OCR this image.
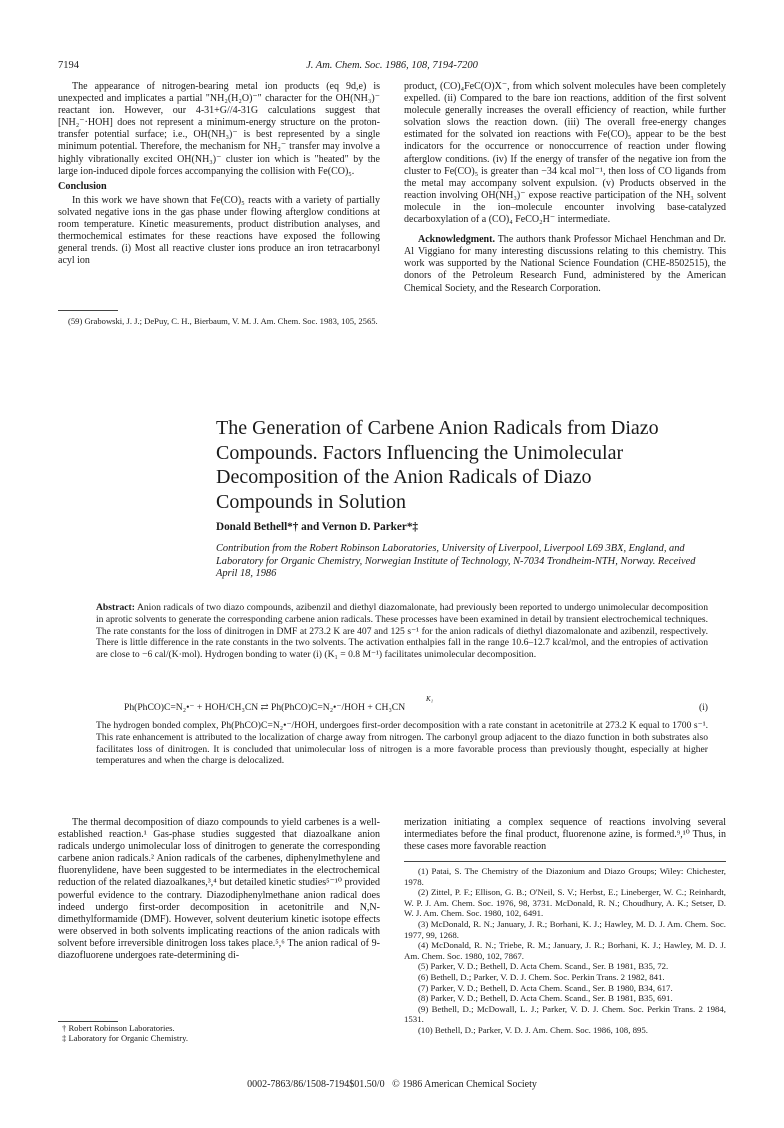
7194	J. Am. Chem. Soc. 1986, 108, 7194-7200

The appearance of nitrogen-bearing metal ion products (eq 9d,e) is unexpected and implicates a partial "NH₂(H₂O)⁻" character for the OH(NH₃)⁻ reactant ion. However, our 4-31+G//4-31G calculations suggest that [NH₂⁻·HOH] does not represent a minimum-energy structure on the proton-transfer potential surface; i.e., OH(NH₃)⁻ is best represented by a single minimum potential. Therefore, the mechanism for NH₂⁻ transfer may involve a highly vibrationally excited OH(NH₃)⁻ cluster ion which is "heated" by the large ion-induced dipole forces accompanying the collision with Fe(CO)₅.

Conclusion

In this work we have shown that Fe(CO)₅ reacts with a variety of partially solvated negative ions in the gas phase under flowing afterglow conditions at room temperature. Kinetic measurements, product distribution analyses, and thermochemical estimates for these reactions have exposed the following general trends. (i) Most all reactive cluster ions produce an iron tetracarbonyl acyl ion

(59) Grabowski, J. J.; DePuy, C. H., Bierbaum, V. M. J. Am. Chem. Soc. 1983, 105, 2565.

product, (CO)₄FeC(O)X⁻, from which solvent molecules have been completely expelled. (ii) Compared to the bare ion reactions, addition of the first solvent molecule generally increases the overall efficiency of reaction, while further solvation slows the reaction down. (iii) The overall free-energy changes estimated for the solvated ion reactions with Fe(CO)₅ appear to be the best indicators for the occurrence or nonoccurrence of reaction under flowing afterglow conditions. (iv) If the energy of transfer of the negative ion from the cluster to Fe(CO)₅ is greater than −34 kcal mol⁻¹, then loss of CO ligands from the metal may accompany solvent expulsion. (v) Products observed in the reaction involving OH(NH₃)⁻ expose reactive participation of the NH₃ solvent molecule in the ion–molecule encounter involving base-catalyzed decarboxylation of a (CO)₄ FeCO₂H⁻ intermediate.

Acknowledgment. The authors thank Professor Michael Henchman and Dr. Al Viggiano for many interesting discussions relating to this chemistry. This work was supported by the National Science Foundation (CHE-8502515), the donors of the Petroleum Research Fund, administered by the American Chemical Society, and the Research Corporation.

The Generation of Carbene Anion Radicals from Diazo Compounds. Factors Influencing the Unimolecular Decomposition of the Anion Radicals of Diazo Compounds in Solution
Donald Bethell*† and Vernon D. Parker*‡
Contribution from the Robert Robinson Laboratories, University of Liverpool, Liverpool L69 3BX, England, and Laboratory for Organic Chemistry, Norwegian Institute of Technology, N-7034 Trondheim-NTH, Norway. Received April 18, 1986
Abstract: Anion radicals of two diazo compounds, azibenzil and diethyl diazomalonate, had previously been reported to undergo unimolecular decomposition in aprotic solvents to generate the corresponding carbene anion radicals. These processes have been examined in detail by transient electrochemical techniques. The rate constants for the loss of dinitrogen in DMF at 273.2 K are 407 and 125 s⁻¹ for the anion radicals of diethyl diazomalonate and azibenzil, respectively. There is little difference in the rate constants in the two solvents. The activation enthalpies fall in the range 10.6–12.7 kcal/mol, and the entropies of activation are close to −6 cal/(K·mol). Hydrogen bonding to water (i) (K₁ = 0.8 M⁻¹) facilitates unimolecular decomposition.
Ph(PhCO)C=N₂•⁻ + HOH/CH₃CN ⇄ Ph(PhCO)C=N₂•⁻/HOH + CH₃CN
K₁
(i)
The hydrogen bonded complex, Ph(PhCO)C=N₂•⁻/HOH, undergoes first-order decomposition with a rate constant in acetonitrile at 273.2 K equal to 1700 s⁻¹. This rate enhancement is attributed to the localization of charge away from nitrogen. The carbonyl group adjacent to the diazo function in both substrates also facilitates loss of dinitrogen. It is concluded that unimolecular loss of nitrogen is a more favorable process than previously thought, especially at higher temperatures and when the charge is delocalized.

The thermal decomposition of diazo compounds to yield carbenes is a well-established reaction.¹ Gas-phase studies suggested that diazoalkane anion radicals undergo unimolecular loss of dinitrogen to generate the corresponding carbene anion radicals.² Anion radicals of the carbenes, diphenylmethylene and fluorenylidene, have been suggested to be intermediates in the electrochemical reduction of the related diazoalkanes,³,⁴ but detailed kinetic studies⁵⁻¹⁰ provided powerful evidence to the contrary. Diazodiphenylmethane anion radical does indeed undergo first-order decomposition in acetonitrile and N,N-dimethylformamide (DMF). However, solvent deuterium kinetic isotope effects were observed in both solvents implicating reactions of the anion radicals with solvent before irreversible dinitrogen loss takes place.⁵,⁶ The anion radical of 9-diazofluorene undergoes rate-determining di-

† Robert Robinson Laboratories.
‡ Laboratory for Organic Chemistry.

merization initiating a complex sequence of reactions involving several intermediates before the final product, fluorenone azine, is formed.⁹,¹⁰ Thus, in these cases more favorable reaction

(1) Patai, S. The Chemistry of the Diazonium and Diazo Groups; Wiley: Chichester, 1978.
(2) Zittel, P. F.; Ellison, G. B.; O'Neil, S. V.; Herbst, E.; Lineberger, W. C.; Reinhardt, W. P. J. Am. Chem. Soc. 1976, 98, 3731. McDonald, R. N.; Choudhury, A. K.; Setser, D. W. J. Am. Chem. Soc. 1980, 102, 6491.
(3) McDonald, R. N.; January, J. R.; Borhani, K. J.; Hawley, M. D. J. Am. Chem. Soc. 1977, 99, 1268.
(4) McDonald, R. N.; Triebe, R. M.; January, J. R.; Borhani, K. J.; Hawley, M. D. J. Am. Chem. Soc. 1980, 102, 7867.
(5) Parker, V. D.; Bethell, D. Acta Chem. Scand., Ser. B 1981, B35, 72.
(6) Bethell, D.; Parker, V. D. J. Chem. Soc. Perkin Trans. 2 1982, 841.
(7) Parker, V. D.; Bethell, D. Acta Chem. Scand., Ser. B 1980, B34, 617.
(8) Parker, V. D.; Bethell, D. Acta Chem. Scand., Ser. B 1981, B35, 691.
(9) Bethell, D.; McDowall, L. J.; Parker, V. D. J. Chem. Soc. Perkin Trans. 2 1984, 1531.
(10) Bethell, D.; Parker, V. D. J. Am. Chem. Soc. 1986, 108, 895.
0002-7863/86/1508-7194$01.50/0 © 1986 American Chemical Society
